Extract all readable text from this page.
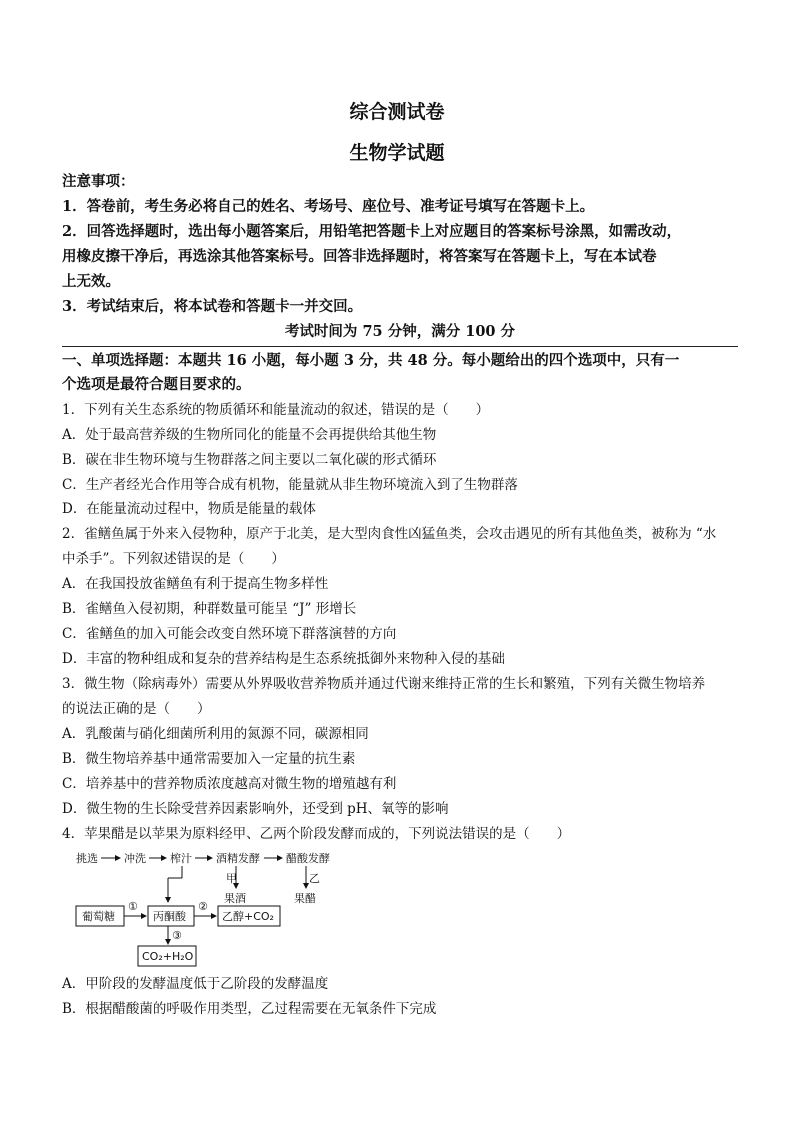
综合测试卷
生物学试题
注意事项：
1．答卷前，考生务必将自己的姓名、考场号、座位号、准考证号填写在答题卡上。
2．回答选择题时，选出每小题答案后，用铅笔把答题卡上对应题目的答案标号涂黑，如需改动，
用橡皮擦干净后，再选涂其他答案标号。回答非选择题时，将答案写在答题卡上，写在本试卷
上无效。
3．考试结束后，将本试卷和答题卡一并交回。
考试时间为 75 分钟，满分 100 分
一、单项选择题：本题共 16 小题，每小题 3 分，共 48 分。每小题给出的四个选项中，只有一
个选项是最符合题目要求的。
1．下列有关生态系统的物质循环和能量流动的叙述，错误的是（　　）
A．处于最高营养级的生物所同化的能量不会再提供给其他生物
B．碳在非生物环境与生物群落之间主要以二氧化碳的形式循环
C．生产者经光合作用等合成有机物，能量就从非生物环境流入到了生物群落
D．在能量流动过程中，物质是能量的载体
2．雀鳝鱼属于外来入侵物种，原产于北美，是大型肉食性凶猛鱼类，会攻击遇见的所有其他鱼类，被称为 “水
中杀手”。下列叙述错误的是（　　）
A．在我国投放雀鳝鱼有利于提高生物多样性
B．雀鳝鱼入侵初期，种群数量可能呈 “J” 形增长
C．雀鳝鱼的加入可能会改变自然环境下群落演替的方向
D．丰富的物种组成和复杂的营养结构是生态系统抵御外来物种入侵的基础
3．微生物（除病毒外）需要从外界吸收营养物质并通过代谢来维持正常的生长和繁殖，下列有关微生物培养
的说法正确的是（　　）
A．乳酸菌与硝化细菌所利用的氮源不同，碳源相同
B．微生物培养基中通常需要加入一定量的抗生素
C．培养基中的营养物质浓度越高对微生物的增殖越有利
D．微生物的生长除受营养因素影响外，还受到 pH、氧等的影响
4．苹果醋是以苹果为原料经甲、乙两个阶段发酵而成的，下列说法错误的是（　　）
挑选 冲洗 榨汁 酒精发酵 醋酸发酵
甲
果酒
乙
果醋
葡萄糖
①
丙酮酸
②
乙醇+CO₂
③
CO₂+H₂O
A．甲阶段的发酵温度低于乙阶段的发酵温度
B．根据醋酸菌的呼吸作用类型，乙过程需要在无氧条件下完成
